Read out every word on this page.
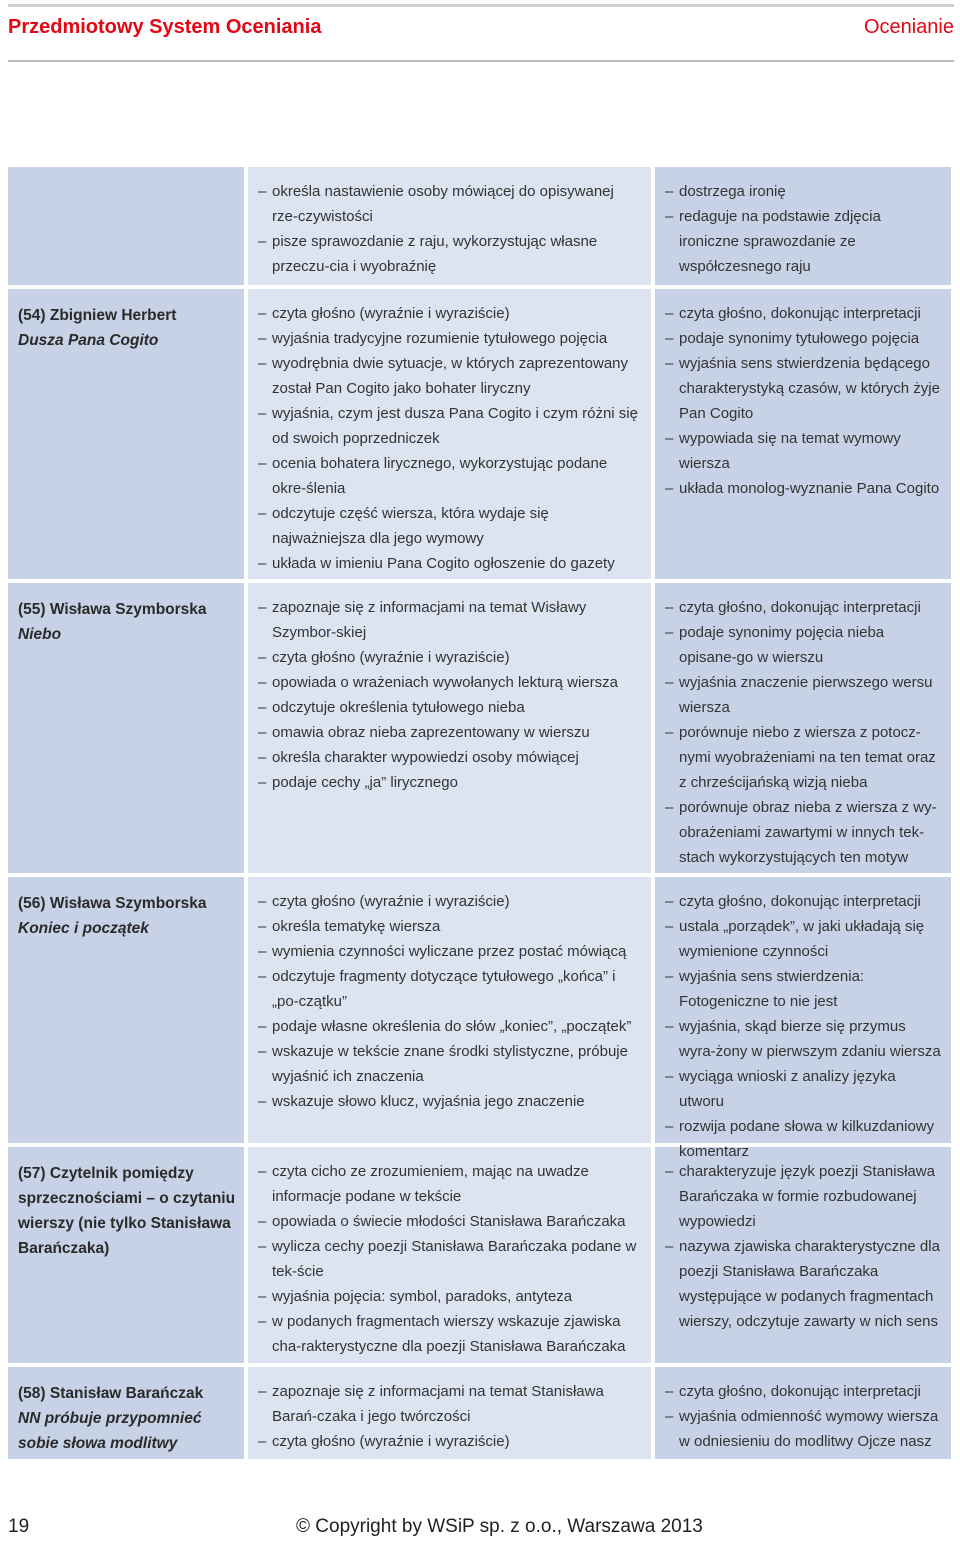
Przedmiotowy System Oceniania	Ocenianie
– określa nastawienie osoby mówiącej do opisywanej rze-czywistości
– pisze sprawozdanie z raju, wykorzystując własne przeczu-cia i wyobraźnię
– dostrzega ironię
– redaguje na podstawie zdjęcia ironiczne sprawozdanie ze współczesnego raju
(54) Zbigniew Herbert
Dusza Pana Cogito
– czyta głośno (wyraźnie i wyraziście)
– wyjaśnia tradycyjne rozumienie tytułowego pojęcia
– wyodrębnia dwie sytuacje, w których zaprezentowany został Pan Cogito jako bohater liryczny
– wyjaśnia, czym jest dusza Pana Cogito i czym różni się od swoich poprzedniczek
– ocenia bohatera lirycznego, wykorzystując podane okre-ślenia
– odczytuje część wiersza, która wydaje się najważniejsza dla jego wymowy
– układa w imieniu Pana Cogito ogłoszenie do gazety
– czyta głośno, dokonując interpretacji
– podaje synonimy tytułowego pojęcia
– wyjaśnia sens stwierdzenia będącego charakterystyką czasów, w których żyje Pan Cogito
– wypowiada się na temat wymowy wiersza
– układa monolog-wyznanie Pana Cogito
(55) Wisława Szymborska
Niebo
– zapoznaje się z informacjami na temat Wisławy Szymbor-skiej
– czyta głośno (wyraźnie i wyraziście)
– opowiada o wrażeniach wywołanych lekturą wiersza
– odczytuje określenia tytułowego nieba
– omawia obraz nieba zaprezentowany w wierszu
– określa charakter wypowiedzi osoby mówiącej
– podaje cechy „ja” lirycznego
– czyta głośno, dokonując interpretacji
– podaje synonimy pojęcia nieba opisane-go w wierszu
– wyjaśnia znaczenie pierwszego wersu wiersza
– porównuje niebo z wiersza z potocz-nymi wyobrażeniami na ten temat oraz z chrześcijańską wizją nieba
– porównuje obraz nieba z wiersza z wy-obrażeniami zawartymi w innych tek-stach wykorzystujących ten motyw
(56) Wisława Szymborska
Koniec i początek
– czyta głośno (wyraźnie i wyraziście)
– określa tematykę wiersza
– wymienia czynności wyliczane przez postać mówiącą
– odczytuje fragmenty dotyczące tytułowego „końca” i „po-czątku”
– podaje własne określenia do słów „koniec”, „początek”
– wskazuje w tekście znane środki stylistyczne, próbuje wyjaśnić ich znaczenia
– wskazuje słowo klucz, wyjaśnia jego znaczenie
– czyta głośno, dokonując interpretacji
– ustala „porządek”, w jaki układają się wymienione czynności
– wyjaśnia sens stwierdzenia: Fotogeniczne to nie jest
– wyjaśnia, skąd bierze się przymus wyra-żony w pierwszym zdaniu wiersza
– wyciąga wnioski z analizy języka utworu
– rozwija podane słowa w kilkuzdaniowy komentarz
(57) Czytelnik pomiędzy sprzecznościami – o czytaniu wierszy (nie tylko Stanisława Barańczaka)
– czyta cicho ze zrozumieniem, mając na uwadze informacje podane w tekście
– opowiada o świecie młodości Stanisława Barańczaka
– wylicza cechy poezji Stanisława Barańczaka podane w tek-ście
– wyjaśnia pojęcia: symbol, paradoks, antyteza
– w podanych fragmentach wierszy wskazuje zjawiska cha-rakterystyczne dla poezji Stanisława Barańczaka
– charakteryzuje język poezji Stanisława Barańczaka w formie rozbudowanej wypowiedzi
– nazywa zjawiska charakterystyczne dla poezji Stanisława Barańczaka występujące w podanych fragmentach wierszy, odczytuje zawarty w nich sens
(58) Stanisław Barańczak
NN próbuje przypomnieć sobie słowa modlitwy
– zapoznaje się z informacjami na temat Stanisława Barań-czaka i jego twórczości
– czyta głośno (wyraźnie i wyraziście)
– czyta głośno, dokonując interpretacji
– wyjaśnia odmienność wymowy wiersza w odniesieniu do modlitwy Ojcze nasz
19	© Copyright by WSiP sp. z o.o., Warszawa 2013
